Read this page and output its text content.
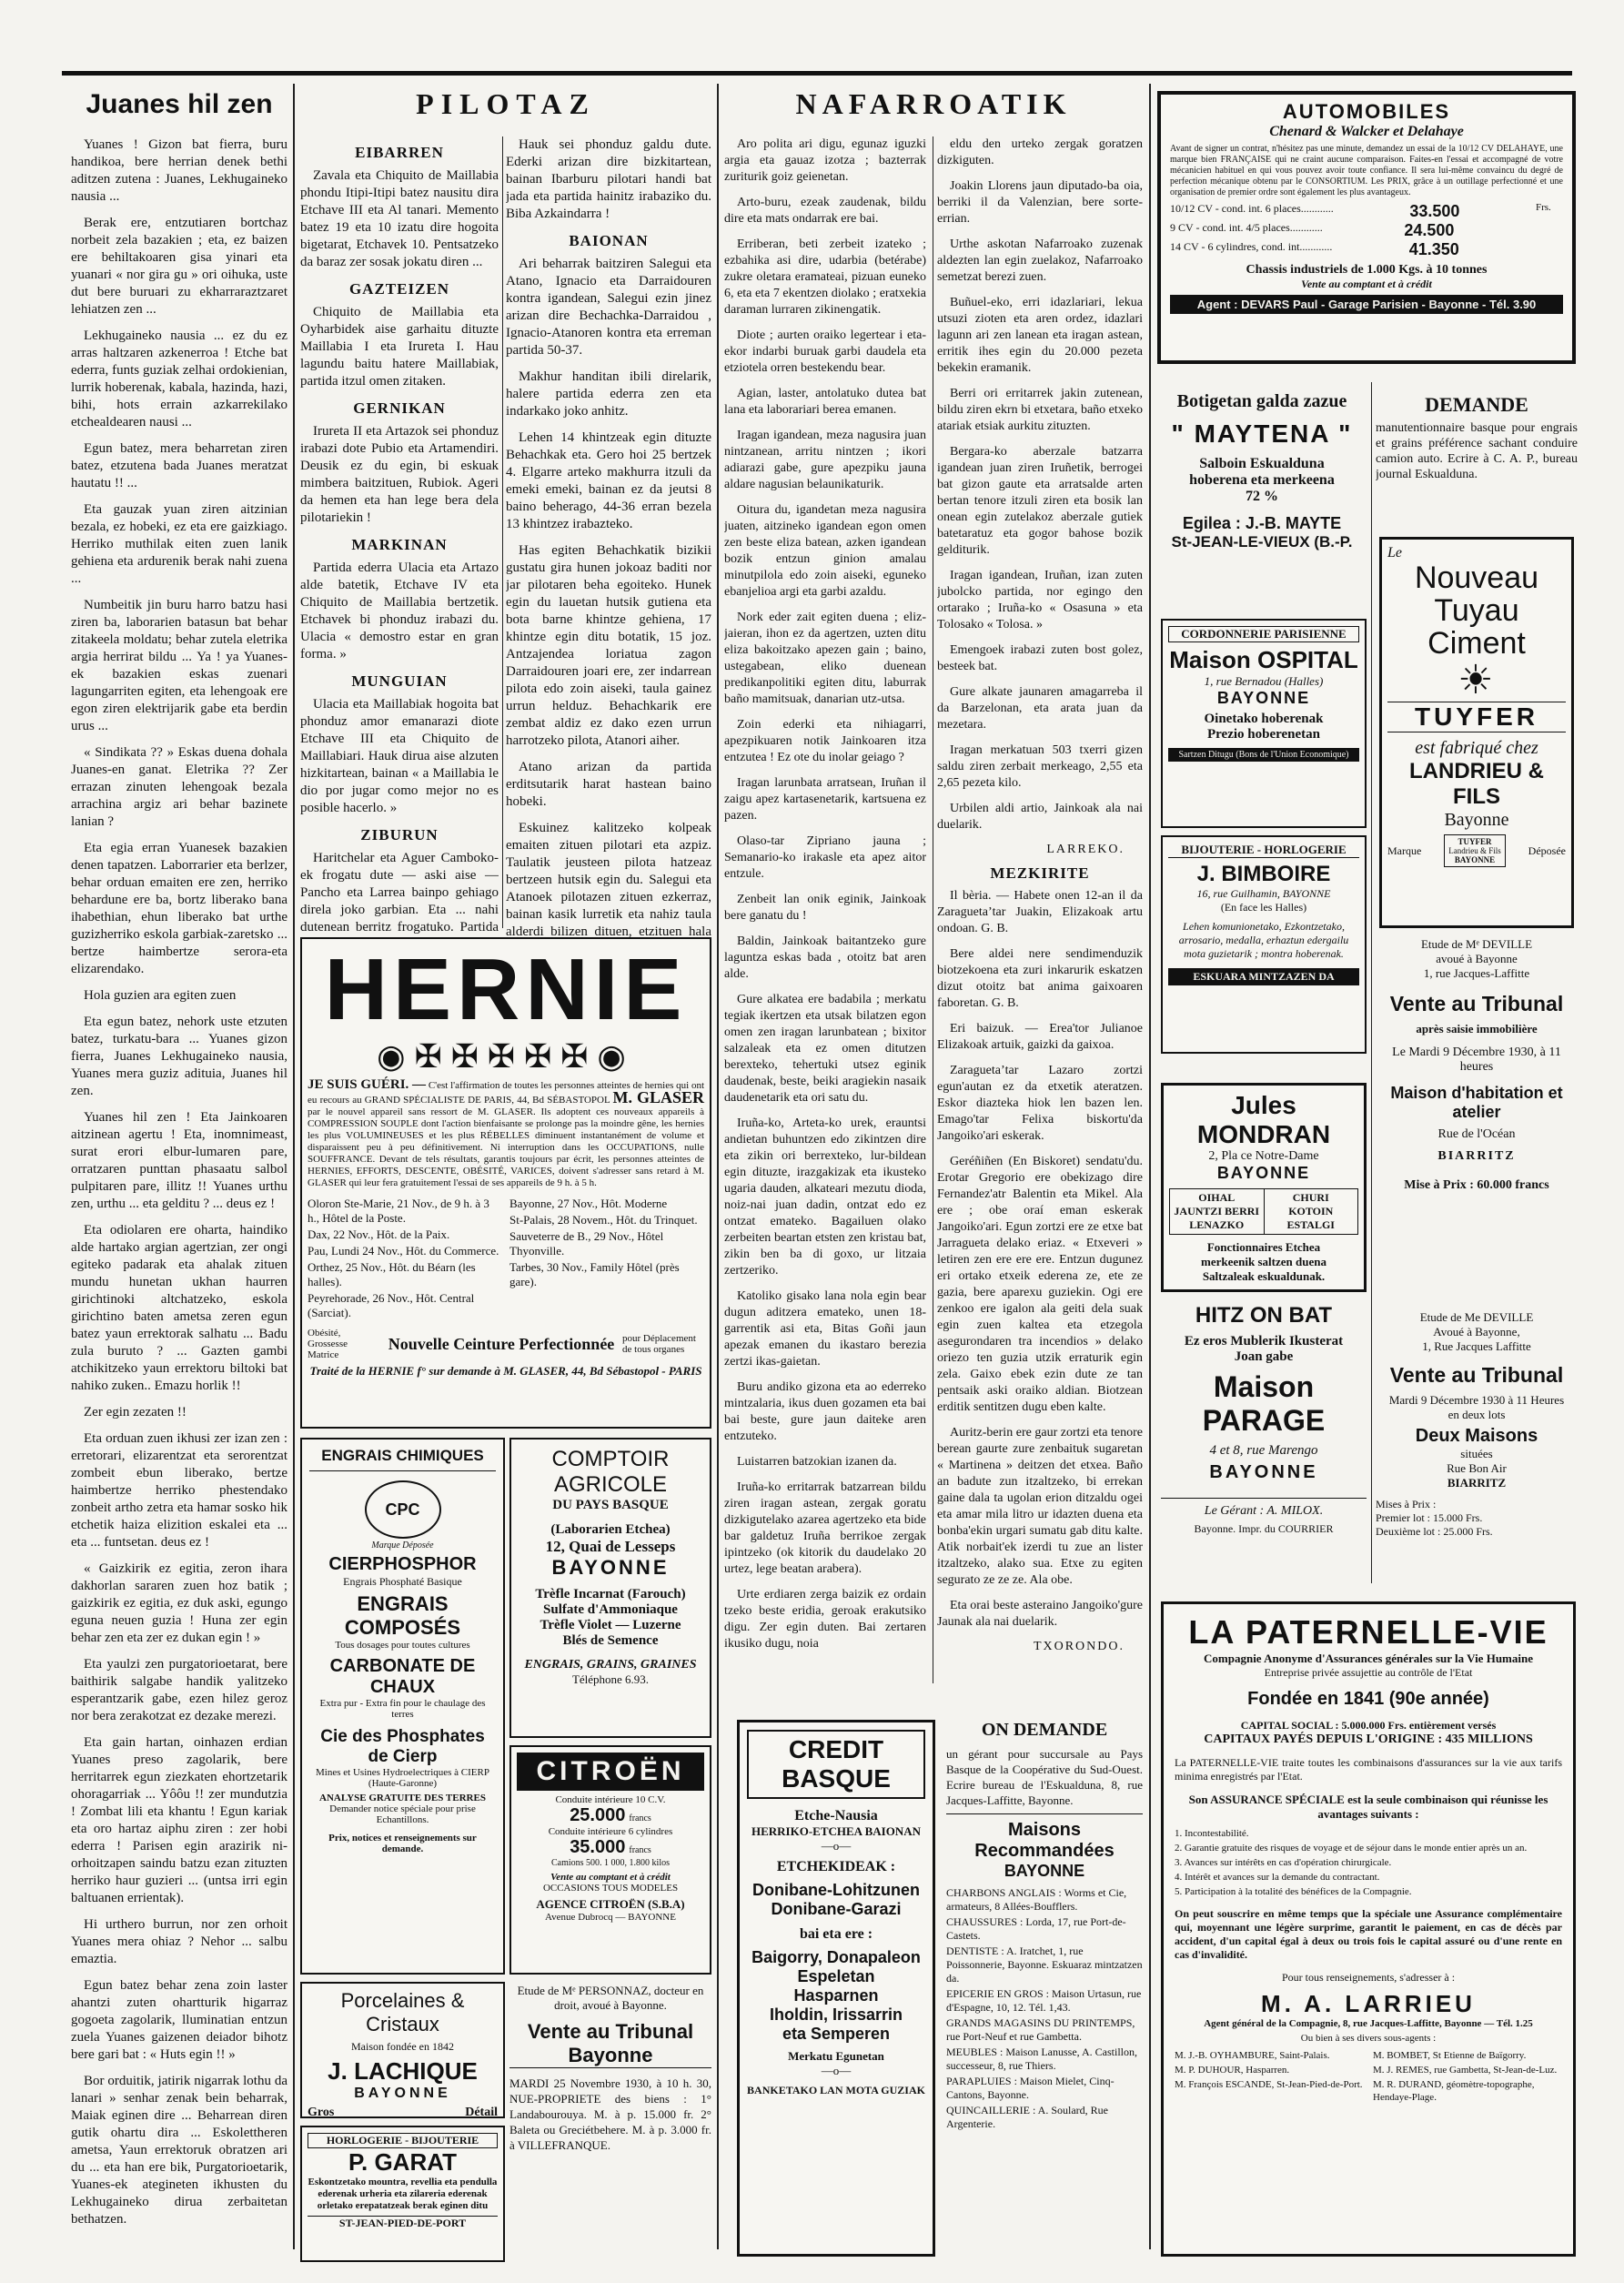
Juanes hil zen

Yuanes ! Gizon bat fierra, buru handikoa, bere herrian denek bethi aditzen zutena : Juanes, Lekhugaineko nausia ...

Berak ere, entzutiaren bortchaz norbeit zela bazakien ; eta, ez baizen ere behiltakoaren gisa yinari eta yuanari « nor gira gu » ori oihuka, uste dut bere buruari zu ekharraraztzaret lehiatzen zen ...

Lekhugaineko nausia ... ez du ez arras haltzaren azkenerroa ! Etche bat ederra, funts guziak zelhai ordokienian, lurrik hoberenak, kabala, hazinda, hazi, bihi, hots errain azkarrekilako etchealdearen nausi ...

Egun batez, mera beharretan ziren batez, etzutena bada Juanes meratzat hautatu !! ...

Eta gauzak yuan ziren aitzinian bezala, ez hobeki, ez eta ere gaizkiago. Herriko muthilak eiten zuen lanik gehiena eta ardurenik berak nahi zuena ...

Numbeitik jin buru harro batzu hasi ziren ba, laborarien batasun bat behar zitakeela moldatu; behar zutela eletrika argia herrirat bildu ... Ya ! ya Yuanes-ek bazakien eskas zuenari lagungarriten egiten, eta lehengoak ere egon ziren elektrijarik gabe eta berdin urus ...

« Sindikata ?? » Eskas duena dohala Juanes-en ganat. Eletrika ?? Zer errazan zinuten lehengoak bezala arrachina argiz ari behar bazinete lanian ?

Eta egia erran Yuanesek bazakien denen tapatzen. Laborrarier eta berlzer, behar orduan emaiten ere zen, herriko behardune ere ba, bortz liberako bana ihabethian, ehun liberako bat urthe guzizherriko eskola garbiak-zaretsko ... bertze haimbertze serora-eta elizarendako.

Hola guzien ara egiten zuen

Eta egun batez, nehork uste etzuten batez, turkatu-bara ... Yuanes gizon fierra, Juanes Lekhugaineko nausia, Yuanes mera guziz adituia, Juanes hil zen.

Yuanes hil zen ! Eta Jainkoaren aitzinean agertu ! Eta, inomnimeast, surat erori elbur-lumaren pare, orratzaren punttan phasaatu salbol pulpitaren pare, illitz !! Yuanes urthu zen, urthu ... eta gelditu ? ... deus ez !

Eta odiolaren ere oharta, haindiko alde hartako argian agertzian, zer ongi egiteko padarak eta ahalak zituen mundu hunetan ukhan haurren girichtinoki altchatzeko, eskola girichtino baten ametsa zeren egun batez yaun errektorak salhatu ... Badu zula buruto ? ... Gazten gambi atchikitzeko yaun errektoru biltoki bat nahiko zuken.. Emazu horlik !!

Zer egin zezaten !!

Eta orduan zuen ikhusi zer izan zen : erretorari, elizarentzat eta serorentzat zombeit ebun liberako, bertze haimbertze herriko phestendako zonbeit artho zetra eta hamar sosko hik etchetik haiza elizition eskalei eta ... eta ... funtsetan. deus ez !

« Gaizkirik ez egitia, zeron ihara dakhorlan sararen zuen hoz batik ; gaizkirik ez egitia, ez duk aski, egungo eguna neuen guzia ! Huna zer egin behar zen eta zer ez dukan egin ! »

Eta yaulzi zen purgatorioetarat, bere baithirik salgabe handik yalitzeko esperantzarik gabe, ezen hilez geroz nor bera zerakotzat ez dezake merezi.

Eta gain hartan, oinhazen erdian Yuanes preso zagolarik, bere herritarrek egun ziezkaten ehortzetarik ohoragarriak ... Yôôu !! zer mundutzia ! Zombat lili eta khantu ! Egun kariak eta oro hartaz aiphu ziren : zer hobi ederra ! Parisen egin arazirik ni-orhoitzapen saindu batzu ezan zituzten herriko haur guzieri ... (untsa irri egin baltuanen errientak).

Hi urthero burrun, nor zen orhoit Yuanes mera ohiaz ? Nehor ... salbu emaztia.

Egun batez behar zena zoin laster ahantzi zuten ohartturik higarraz gogoeta zagolarik, lluminatian entzun zuela Yuanes gaizenen deiador bihotz bere gari bat : « Huts egin !! »

Bor orduitik, jatirik nigarrak lothu da lanari » senhar zenak bein beharrak, Maiak eginen dire ... Beharrean diren gutik ohartu dira ... Eskolettheren ametsa, Yaun errektoruk obratzen ari du ... eta han ere bik, Purgatorioetarik, Yuanes-ek ategineten ikhusten du Lekhugaineko dirua zerbaitetan bethatzen.

PILOTAZ
EIBARREN

Zavala eta Chiquito de Maillabia phondu Itipi-Itipi batez nausitu dira Etchave III eta Al tanari. Memento batez 19 eta 10 izatu dire hogoita bigetarat, Etchavek 10. Pentsatzeko da baraz zer sosak jokatu diren ...

GAZTEIZEN

Chiquito de Maillabia eta Oyharbidek aise garhaitu dituzte Maillabia I eta Irureta I. Hau lagundu baitu hatere Maillabiak, partida itzul omen zitaken.

GERNIKAN

Irureta II eta Artazok sei phonduz irabazi dote Pubio eta Artamendiri. Deusik ez du egin, bi eskuak mimbera baitzituen, Rubiok. Ageri da hemen eta han lege bera dela pilotariekin !

MARKINAN

Partida ederra Ulacia eta Artazo alde batetik, Etchave IV eta Chiquito de Maillabia bertzetik. Etchavek bi phonduz irabazi du. Ulacia « demostro estar en gran forma. »

MUNGUIAN

Ulacia eta Maillabiak hogoita bat phonduz amor emanarazi diote Etchave III eta Chiquito de Maillabiari. Hauk dirua aise alzuten hizkitartean, bainan « a Maillabia le dio por jugar como mejor no es posible hacerlo. »

ZIBURUN

Haritchelar eta Aguer Camboko-ek frogatu dute — aski aise — Pancho eta Larrea bainpo gehiago direla joko garbian. Eta ... nahi dutenean berritz frogatuko. Partida

Hauk sei phonduz galdu dute. Ederki arizan dire bizkitartean, bainan Ibarburu pilotari handi bat jada eta partida hainitz irabaziko du. Biba Azkaindarra !

BAIONAN

Ari beharrak baitziren Salegui eta Atano, Ignacio eta Darraidouren kontra igandean, Salegui ezin jinez arizan dire Bechachka-Darraidou , Ignacio-Atanoren kontra eta erreman partida 50-37.

Makhur handitan ibili direlarik, halere partida ederra zen eta indarkako joko anhitz.

Lehen 14 khintzeak egin dituzte Behachkak eta. Gero hoi 25 bertzek 4. Elgarre arteko makhurra itzuli da emeki emeki, bainan ez da jeutsi 8 baino beherago, 44-36 erran bezela 13 khintzez irabazteko.

Has egiten Behachkatik bizikii gustatu gira hunen jokoaz baditi nor jar pilotaren beha egoiteko. Hunek egin du lauetan hutsik gutiena eta bota barne khintze gehiena, 17 khintze egin ditu botatik, 15 joz. Antzajendea loriatua zagon Darraidouren joari ere, zer indarrean pilota edo zoin aiseki, taula gainez urrun helduz. Behachkarik ere zembat aldiz ez dako ezen urrun harrotzeko pilota, Atanori aiher.

Atano arizan da partida erditsutarik harat hastean baino hobeki.

Eskuinez kalitzeko kolpeak emaiten zituen pilotari eta azpiz. Taulatik jeusteen pilota hatzeaz bertzeen hutsik egin du. Salegui eta Atanoek pilotazen zituen ezkerraz, bainan kasik lurretik eta nahiz taula alderdi bilizen dituen, etzituen hala

HERNIE
◉✠✠✠✠✠◉
JE SUIS GUÉRI. — C'est l'affirmation de toutes les personnes atteintes de hernies qui ont eu recours au GRAND SPÉCIALISTE DE PARIS, 44, Bd SÉBASTOPOL M. GLASER par le nouvel appareil sans ressort de M. GLASER. Ils adoptent ces nouveaux appareils à COMPRESSION SOUPLE dont l'action bienfaisante se prolonge pas la moindre gêne, les hernies les plus VOLUMINEUSES et les plus RÉBELLES diminuent instantanément de volume et disparaissent peu à peu définitivement. Ni interruption dans les OCCUPATIONS, nulle SOUFFRANCE. Devant de tels résultats, garantis toujours par écrit, les personnes atteintes de HERNIES, EFFORTS, DESCENTE, OBÉSITÉ, VARICES, doivent s'adresser sans retard à M. GLASER qui leur fera gratuitement l'essai de ses appareils de 9 h. à 5 h.
Oloron Ste-Marie, 21 Nov., de 9 h. à 3 h., Hôtel de la Poste.
Dax, 22 Nov., Hôt. de la Paix.
Pau, Lundi 24 Nov., Hôt. du Commerce.
Orthez, 25 Nov., Hôt. du Béarn (les halles).
Peyrehorade, 26 Nov., Hôt. Central (Sarciat).
Bayonne, 27 Nov., Hôt. Moderne
St-Palais, 28 Novem., Hôt. du Trinquet.
Sauveterre de B., 29 Nov., Hôtel Thyonville.
Tarbes, 30 Nov., Family Hôtel (près gare).
Obésité, Grossesse Matrice
Nouvelle Ceinture Perfectionnée pour Déplacement de tous organes
Traité de la HERNIE f° sur demande à M. GLASER, 44, Bd Sébastopol - PARIS
ENGRAIS CHIMIQUES
CPC
Marque Déposée
CIERPHOSPHOR
Engrais Phosphaté Basique
ENGRAIS COMPOSÉS
Tous dosages pour toutes cultures
CARBONATE DE CHAUX
Extra pur - Extra fin pour le chaulage des terres
Cie des Phosphates de Cierp
Mines et Usines Hydroelectriques à CIERP (Haute-Garonne)
ANALYSE GRATUITE DES TERRES
Demander notice spéciale pour prise Echantillons.
Prix, notices et renseignements sur demande.
COMPTOIR AGRICOLE
DU PAYS BASQUE
(Laborarien Etchea)
12, Quai de Lesseps
BAYONNE
Trèfle Incarnat (Farouch)
Sulfate d'Ammoniaque
Trèfle Violet — Luzerne
Blés de Semence
ENGRAIS, GRAINS, GRAINES
Téléphone 6.93.
CITROËN
Conduite intérieure 10 C.V.
25.000 francs
Conduite intérieure 6 cylindres
35.000 francs
Camions 500. 1 000, 1.800 kilos
Vente au comptant et à crédit
OCCASIONS TOUS MODELES
AGENCE CITROËN (S.B.A)
Avenue Dubrocq — BAYONNE
Porcelaines & Cristaux
Maison fondée en 1842
J. LACHIQUE
BAYONNE
Gros	Détail
HORLOGERIE - BIJOUTERIE
P. GARAT
Eskontzetako mountra, revellia eta pendulla ederenak urheria eta zilareria ederenak orletako erepatatzeak berak eginen ditu
ST-JEAN-PIED-DE-PORT
Etude de Mᵉ PERSONNAZ, docteur en droit, avoué à Bayonne.
Vente au Tribunal Bayonne
MARDI 25 Novembre 1930, à 10 h. 30, NUE-PROPRIETE des biens : 1° Landabourouya. M. à p. 15.000 fr. 2° Baleta ou Greciétbehere. M. à p. 3.000 fr. à VILLEFRANQUE.
NAFARROATIK

Aro polita ari digu, egunaz iguzki argia eta gauaz izotza ; bazterrak zuriturik goiz geienetan.

Arto-buru, ezeak zaudenak, bildu dire eta mats ondarrak ere bai.

Erriberan, beti zerbeit izateko ; ezbahika asi dire, udarbia (betérabe) zukre oletara eramateai, pizuan euneko 6, eta eta 7 ekentzen diolako ; eratxekia daraman lurraren zikinengatik.

Diote ; aurten oraiko legertear i eta-ekor indarbi buruak garbi daudela eta etziotela orren bestekendu bear.

Agian, laster, antolatuko dutea bat lana eta laborariari berea emanen.

Iragan igandean, meza nagusira juan nintzanean, arritu nintzen ; ikori adiarazi gabe, gure apezpiku jauna aldare nagusian belaunikaturik.

Oitura du, igandetan meza nagusira juaten, aitzineko igandean egon omen zen beste eliza batean, azken igandean bozik entzun ginion amalau minutpilola edo zoin aiseki, eguneko ebanjelioa argi eta garbi azaldu.

Nork eder zait egiten duena ; eliz-jaieran, ihon ez da agertzen, uzten ditu eliza bakoitzako apezen gain ; baino, ustegabean, eliko duenean predikanpolitiki egiten ditu, laburrak baño mamitsuak, danarian utz-utsa.

Zoin ederki eta nihiagarri, apezpikuaren notik Jainkoaren itza entzutea ! Ez ote du inolar geiago ?

Iragan larunbata arratsean, Iruñan il zaigu apez kartasenetarik, kartsuena ez pazen.

Olaso-tar Zipriano jauna ; Semanario-ko irakasle eta apez aitor entzule.

Zenbeit lan onik eginik, Jainkoak bere ganatu du !

Baldin, Jainkoak baitantzeko gure laguntza eskas bada , otoitz bat aren alde.

Gure alkatea ere badabila ; merkatu tegiak ikertzen eta utsak bilatzen egon omen zen iragan larunbatean ; bixitor salzaleak eta ez omen ditutzen berexteko, tehertuki utsez eginik daudenak, beste, beiki aragiekin nasaik daudenetarik eta ori satu du.

Iruña-ko, Arteta-ko urek, erauntsi andietan buhuntzen edo zikintzen dire eta zikin ori berrexteko, lur-bildean egin dituzte, irazgakizak eta ikusteko ugaria dauden, alkateari mezutu dioda, noiz-nai juan dadin, ontzat edo ez ontzat emateko. Bagailuen olako zerbeiten beartan etsten zen kristau bat, zikin ben ba di goxo, ur litzaia zertzeriko.

Katoliko gisako lana nola egin bear dugun aditzera emateko, unen 18-garrentik asi eta, Bitas Goñi jaun apezak emanen du ikastaro berezia zertzi ikas-gaietan.

Buru andiko gizona eta ao ederreko mintzalaria, ikus duen gozamen eta bai bai beste, gure jaun daiteke aren entzuteko.

Luistarren batzokian izanen da.

Iruña-ko erritarrak batzarrean bildu ziren iragan astean, zergak goratu dizkigutelako azarea agertzeko eta bide bar galdetuz Iruña berrikoe zergak ipintzeko (ok kitorik du daudelako 20 urtez, lege beatan arabera).

Urte erdiaren zerga baizik ez ordain tzeko beste eridia, geroak erakutsiko digu. Zer egin duten. Bai zertaren ikusiko dugu, noia

eldu den urteko zergak goratzen dizkiguten.

Joakin Llorens jaun diputado-ba oia, berriki il da Valenzian, bere sorte-errian.

Urthe askotan Nafarroako zuzenak aldezten lan egin zuelakoz, Nafarroako semetzat berezi zuen.

Buñuel-eko, erri idazlariari, lekua utsuzi zioten eta aren ordez, idazlari lagunn ari zen lanean eta iragan astean, erritik ihes egin du 20.000 pezeta bekekin eramanik.

Berri ori erritarrek jakin zutenean, bildu ziren ekrn bi etxetara, baño etxeko atariak etsiak aurkitu zituzten.

Bergara-ko aberzale batzarra igandean juan ziren Iruñetik, berrogei bat gizon gaute eta arratsalde arten bertan tenore itzuli ziren eta bosik lan onean egin zutelakoz aberzale gutiek batetaratuz eta gogor bahose bozik gelditurik.

Iragan igandean, Iruñan, izan zuten jubolcko partida, nor egingo den ortarako ; Iruña-ko « Osasuna » eta Tolosako « Tolosa. »

Emengoek irabazi zuten bost golez, besteek bat.

Gure alkate jaunaren amagarreba il da Barzelonan, eta arata juan da mezetara.

Iragan merkatuan 503 txerri gizen saldu ziren zerbait merkeago, 2,55 eta 2,65 pezeta kilo.

Urbilen aldi artio, Jainkoak ala nai duelarik.

LARREKO.
MEZKIRITE

Il bèria. — Habete onen 12-an il da Zaraguetaʼtar Juakin, Elizakoak artu ondoan. G. B.

Bere aldei nere sendimenduzik biotzekoena eta zuri inkarurik eskatzen dizut otoitz bat anima gaixoaren faboretan. G. B.

Eri baizuk. — Erea'tor Julianoe Elizakoak artuik, gaizki da gaixoa.

Zaraguetaʼtar Lazaro zortzi egun'autan ez da etxetik ateratzen. Eskor diazteka hiok len bazen len. Emago'tar Felixa biskortu'da Jangoiko'ari eskerak.

Geréñiñen (En Biskoret) sendatu'du. Erotar Gregorio ere obekizago dire Fernandez'atr Balentin eta Mikel. Ala ere ; obe oraí eman eskerak Jangoiko'ari. Egun zortzi ere ze etxe bat Jarragueta delako eriaz. « Etxeveri » letiren zen ere ere ere. Entzun dugunez eri ortako etxeik ederena ze, ete ze gazia, bere aparexu guziekin. Ogi ere zenkoo ere igalon ala geiti dela suak egin zuen kaltea eta etzegola asegurondaren tra incendios » delako oriezo ten guzia utzik erraturik egin zela. Gaixo ebek ezin dute ze tan pentsaik aski oraiko aldian. Biotzean erditik sentitzen dugu eben kalte.

Auritz-berin ere gaur zortzi eta tenore berean gaurte zure zenbaituk sugaretan « Martinena » deitzen det etxea. Baño an badute zun itzaltzeko, bi errekan gaine dala ta ugolan erion ditzaldu ogei eta amar mila litro ur idazten duena eta bonba'ekin urgari sumatu gab ditu kalte. Atik norbait'ek izerdi tu zue an lister itzaltzeko, alako sua. Etxe zu egiten segurato ze ze ze. Ala obe.

Eta orai beste asteraino Jangoiko'gure Jaunak ala nai duelarik.

TXORONDO.
CREDIT BASQUE
Etche-Nausia
HERRIKO-ETCHEA BAIONAN
—o—
ETCHEKIDEAK :
Donibane-Lohitzunen
Donibane-Garazi
bai eta ere :
Baigorry, Donapaleon
Espeletan
Hasparnen
Iholdin, Irissarrin
eta Semperen
Merkatu Egunetan
—o—
BANKETAKO LAN MOTA GUZIAK
ON DEMANDE
un gérant pour succursale au Pays Basque de la Coopérative du Sud-Ouest. Ecrire bureau de l'Eskualduna, 8, rue Jacques-Laffitte, Bayonne.
Maisons Recommandées
BAYONNE
CHARBONS ANGLAIS : Worms et Cie, armateurs, 8 Allées-Boufflers.
CHAUSSURES : Lorda, 17, rue Port-de-Castets.
DENTISTE : A. Iratchet, 1, rue Poissonnerie, Bayonne. Eskuaraz mintzatzen da.
EPICERIE EN GROS : Maison Urtasun, rue d'Espagne, 10, 12. Tél. 1,43.
GRANDS MAGASINS DU PRINTEMPS, rue Port-Neuf et rue Gambetta.
MEUBLES : Maison Lanusse, A. Castillon, successeur, 8, rue Thiers.
PARAPLUIES : Maison Mielet, Cinq-Cantons, Bayonne.
QUINCAILLERIE : A. Soulard, Rue Argenterie.
AUTOMOBILES
Chenard & Walcker et Delahaye
Avant de signer un contrat, n'hésitez pas une minute, demandez un essai de la 10/12 CV DELAHAYE, une marque bien FRANÇAISE qui ne craint aucune comparaison. Faites-en l'essai et accompagné de votre mécanicien habituel en qui vous pouvez avoir toute confiance. Il sera lui-même convaincu du degré de perfection mécanique obtenu par le CONSORTIUM. Les PRIX, grâce à un outillage perfectionné et une organisation de premier ordre sont également les plus avantageux.
10/12 CV - cond. int. 6 places............	33.500	Frs.
9 CV - cond. int. 4/5 places............	24.500
14 CV - 6 cylindres, cond. int............	41.350
Chassis industriels de 1.000 Kgs. à 10 tonnes
Vente au comptant et à crédit
Agent : DEVARS Paul - Garage Parisien - Bayonne - Tél. 3.90
Botigetan galda zazue
" MAYTENA "
Salboin Eskualduna
hoberena eta merkeena
72 %
Egilea : J.-B. MAYTE
St-JEAN-LE-VIEUX (B.-P.
DEMANDE
manutentionnaire basque pour engrais et grains préférence sachant conduire camion auto. Ecrire à C. A. P., bureau journal Eskualduna.
Le
Nouveau
Tuyau
Ciment
☀
TUYFER
est fabriqué chez
LANDRIEU & FILS
Bayonne
Marque
TUYFER
Landrieu & Fils
BAYONNE
Déposée
CORDONNERIE PARISIENNE
Maison OSPITAL
1, rue Bernadou (Halles)
BAYONNE
Oinetako hoberenak
Prezio hoberenetan
Sartzen Ditugu (Bons de l'Union Economique)
BIJOUTERIE - HORLOGERIE
J. BIMBOIRE
16, rue Guilhamin, BAYONNE
(En face les Halles)
Lehen komunionetako, Ezkontzetako, arrosario, medalla, erhaztun edergailu mota guzietarik ; montra hoberenak.
ESKUARA MINTZAZEN DA
Etude de Mᵉ DEVILLE
avoué à Bayonne
1, rue Jacques-Laffitte
Vente au Tribunal
après saisie immobilière
Le Mardi 9 Décembre 1930, à 11 heures
Maison d'habitation et atelier
Rue de l'Océan
BIARRITZ
Mise à Prix : 60.000 francs
Jules MONDRAN
2, Pla ce Notre-Dame
BAYONNE
OIHAL
JAUNTZI BERRI
LENAZKO
CHURI
KOTOIN
ESTALGI
Fonctionnaires Etchea
merkeenik saltzen duena
Saltzaleak eskualdunak.
HITZ ON BAT
Ez eros Mublerik Ikusterat
Joan gabe
Maison PARAGE
4 et 8, rue Marengo
BAYONNE
Le Gérant : A. MILOX.
Bayonne. Impr. du COURRIER
Etude de Me DEVILLE
Avoué à Bayonne,
1, Rue Jacques Laffitte
Vente au Tribunal
Mardi 9 Décembre 1930 à 11 Heures
en deux lots
Deux Maisons
situées
Rue Bon Air
BIARRITZ
Mises à Prix :
Premier lot : 15.000 Frs.
Deuxième lot : 25.000 Frs.
LA PATERNELLE-VIE
Compagnie Anonyme d'Assurances générales sur la Vie Humaine
Entreprise privée assujettie au contrôle de l'Etat
Fondée en 1841 (90e année)
CAPITAL SOCIAL : 5.000.000 Frs. entièrement versés
CAPITAUX PAYÉS DEPUIS L'ORIGINE : 435 MILLIONS
La PATERNELLE-VIE traite toutes les combinaisons d'assurances sur la vie aux tarifs minima enregistrés par l'Etat.
Son ASSURANCE SPÉCIALE est la seule combinaison qui réunisse les avantages suivants :
1. Incontestabilité.
2. Garantie gratuite des risques de voyage et de séjour dans le monde entier après un an.
3. Avances sur intérêts en cas d'opération chirurgicale.
4. Intérêt et avances sur la demande du contractant.
5. Participation à la totalité des bénéfices de la Compagnie.
On peut souscrire en même temps que la spéciale une Assurance complémentaire qui, moyennant une légère surprime, garantit le paiement, en cas de décès par accident, d'un capital égal à deux ou trois fois le capital assuré ou d'une rente en cas d'invalidité.
Pour tous renseignements, s'adresser à :
M. A. LARRIEU
Agent général de la Compagnie, 8, rue Jacques-Laffitte, Bayonne — Tél. 1.25
Ou bien à ses divers sous-agents :
M. J.-B. OYHAMBURE, Saint-Palais.
M. P. DUHOUR, Hasparren.
M. François ESCANDE, St-Jean-Pied-de-Port.
M. BOMBET, St Etienne de Baïgorry.
M. J. REMES, rue Gambetta, St-Jean-de-Luz.
M. R. DURAND, géomètre-topographe, Hendaye-Plage.
